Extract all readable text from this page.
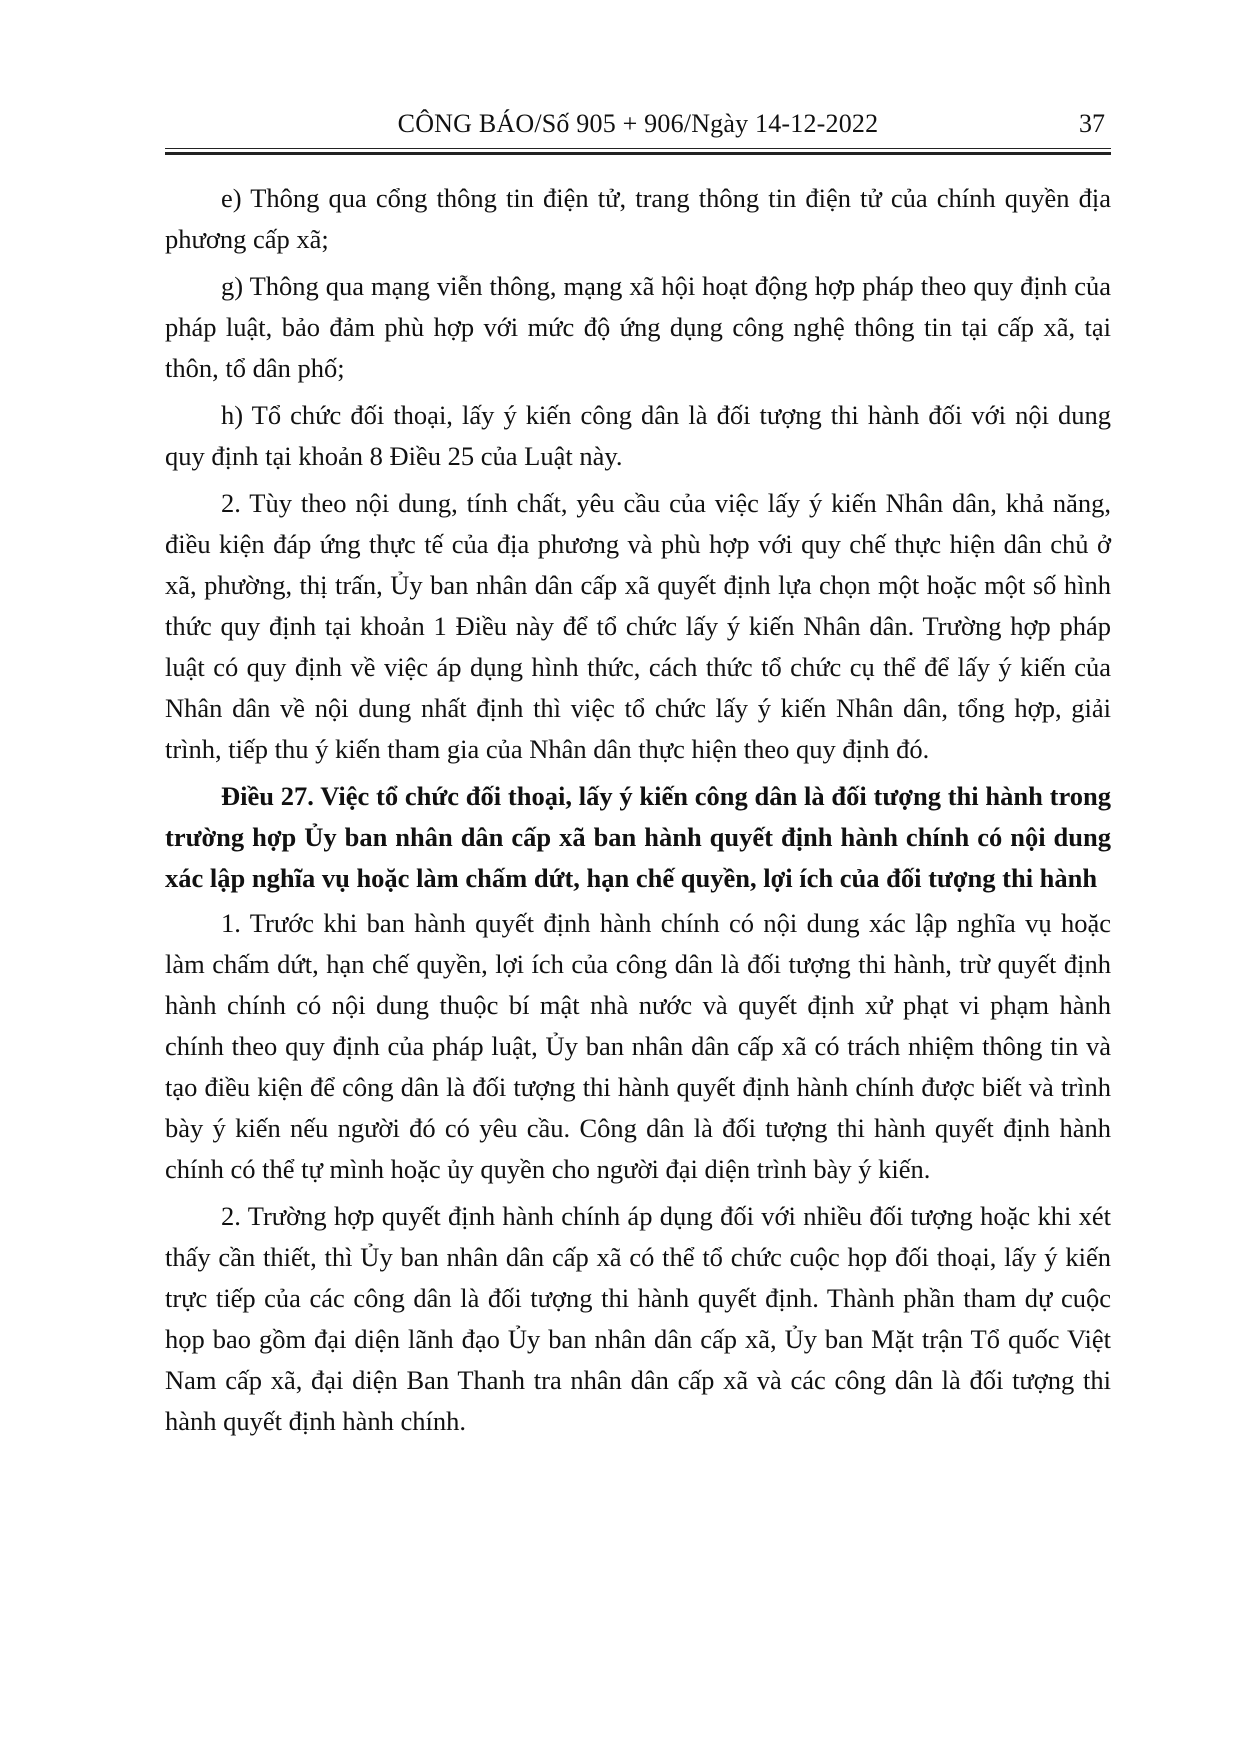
CÔNG BÁO/Số 905 + 906/Ngày 14-12-2022	37

e) Thông qua cổng thông tin điện tử, trang thông tin điện tử của chính quyền địa phương cấp xã;

g) Thông qua mạng viễn thông, mạng xã hội hoạt động hợp pháp theo quy định của pháp luật, bảo đảm phù hợp với mức độ ứng dụng công nghệ thông tin tại cấp xã, tại thôn, tổ dân phố;

h) Tổ chức đối thoại, lấy ý kiến công dân là đối tượng thi hành đối với nội dung quy định tại khoản 8 Điều 25 của Luật này.

2. Tùy theo nội dung, tính chất, yêu cầu của việc lấy ý kiến Nhân dân, khả năng, điều kiện đáp ứng thực tế của địa phương và phù hợp với quy chế thực hiện dân chủ ở xã, phường, thị trấn, Ủy ban nhân dân cấp xã quyết định lựa chọn một hoặc một số hình thức quy định tại khoản 1 Điều này để tổ chức lấy ý kiến Nhân dân. Trường hợp pháp luật có quy định về việc áp dụng hình thức, cách thức tổ chức cụ thể để lấy ý kiến của Nhân dân về nội dung nhất định thì việc tổ chức lấy ý kiến Nhân dân, tổng hợp, giải trình, tiếp thu ý kiến tham gia của Nhân dân thực hiện theo quy định đó.

Điều 27. Việc tổ chức đối thoại, lấy ý kiến công dân là đối tượng thi hành trong trường hợp Ủy ban nhân dân cấp xã ban hành quyết định hành chính có nội dung xác lập nghĩa vụ hoặc làm chấm dứt, hạn chế quyền, lợi ích của đối tượng thi hành

1. Trước khi ban hành quyết định hành chính có nội dung xác lập nghĩa vụ hoặc làm chấm dứt, hạn chế quyền, lợi ích của công dân là đối tượng thi hành, trừ quyết định hành chính có nội dung thuộc bí mật nhà nước và quyết định xử phạt vi phạm hành chính theo quy định của pháp luật, Ủy ban nhân dân cấp xã có trách nhiệm thông tin và tạo điều kiện để công dân là đối tượng thi hành quyết định hành chính được biết và trình bày ý kiến nếu người đó có yêu cầu. Công dân là đối tượng thi hành quyết định hành chính có thể tự mình hoặc ủy quyền cho người đại diện trình bày ý kiến.

2. Trường hợp quyết định hành chính áp dụng đối với nhiều đối tượng hoặc khi xét thấy cần thiết, thì Ủy ban nhân dân cấp xã có thể tổ chức cuộc họp đối thoại, lấy ý kiến trực tiếp của các công dân là đối tượng thi hành quyết định. Thành phần tham dự cuộc họp bao gồm đại diện lãnh đạo Ủy ban nhân dân cấp xã, Ủy ban Mặt trận Tổ quốc Việt Nam cấp xã, đại diện Ban Thanh tra nhân dân cấp xã và các công dân là đối tượng thi hành quyết định hành chính.
